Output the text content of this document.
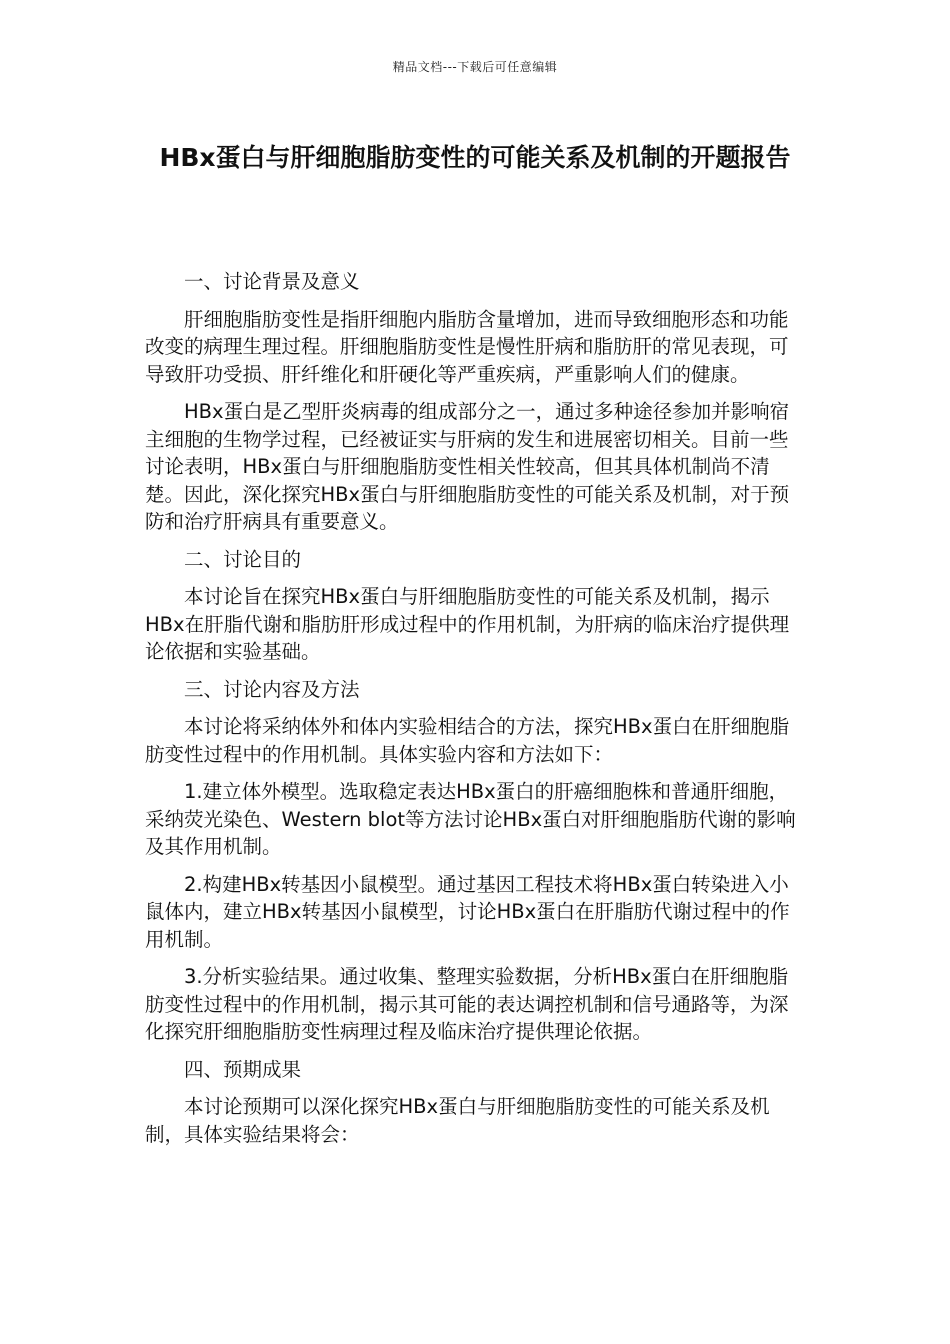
精品文档---下载后可任意编辑
HBx蛋白与肝细胞脂肪变性的可能关系及机制的开题报告

一、讨论背景及意义

肝细胞脂肪变性是指肝细胞内脂肪含量增加，进而导致细胞形态和功能改变的病理生理过程。肝细胞脂肪变性是慢性肝病和脂肪肝的常见表现，可导致肝功受损、肝纤维化和肝硬化等严重疾病，严重影响人们的健康。

HBx蛋白是乙型肝炎病毒的组成部分之一，通过多种途径参加并影响宿主细胞的生物学过程，已经被证实与肝病的发生和进展密切相关。目前一些讨论表明，HBx蛋白与肝细胞脂肪变性相关性较高，但其具体机制尚不清楚。因此，深化探究HBx蛋白与肝细胞脂肪变性的可能关系及机制，对于预防和治疗肝病具有重要意义。

二、讨论目的

本讨论旨在探究HBx蛋白与肝细胞脂肪变性的可能关系及机制，揭示HBx在肝脂代谢和脂肪肝形成过程中的作用机制，为肝病的临床治疗提供理论依据和实验基础。

三、讨论内容及方法

本讨论将采纳体外和体内实验相结合的方法，探究HBx蛋白在肝细胞脂肪变性过程中的作用机制。具体实验内容和方法如下：

1.建立体外模型。选取稳定表达HBx蛋白的肝癌细胞株和普通肝细胞，采纳荧光染色、Western blot等方法讨论HBx蛋白对肝细胞脂肪代谢的影响及其作用机制。

2.构建HBx转基因小鼠模型。通过基因工程技术将HBx蛋白转染进入小鼠体内，建立HBx转基因小鼠模型，讨论HBx蛋白在肝脂肪代谢过程中的作用机制。

3.分析实验结果。通过收集、整理实验数据，分析HBx蛋白在肝细胞脂肪变性过程中的作用机制，揭示其可能的表达调控机制和信号通路等，为深化探究肝细胞脂肪变性病理过程及临床治疗提供理论依据。

四、预期成果

本讨论预期可以深化探究HBx蛋白与肝细胞脂肪变性的可能关系及机制，具体实验结果将会：
